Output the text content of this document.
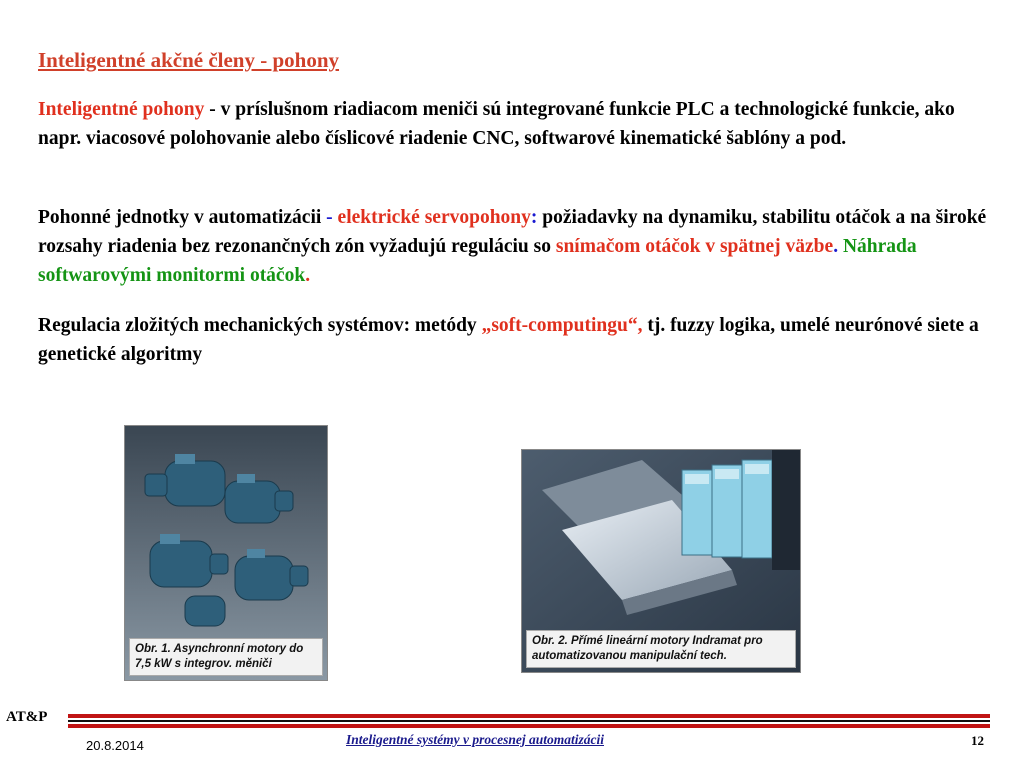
Inteligentné akčné členy - pohony
Inteligentné pohony - v príslušnom riadiacom meniči sú integrované funkcie PLC a technologické funkcie, ako napr. viacosové polohovanie alebo číslicové riadenie CNC, softwarové kinematické šablóny a pod.
Pohonné jednotky v automatizácii - elektrické servopohony: požiadavky na dynamiku, stabilitu otáčok a na široké rozsahy riadenia bez rezonančných zón vyžadujú reguláciu so snímačom otáčok v spätnej väzbe. Náhrada softwarovými monitormi otáčok.
Regulacia zložitých mechanických systémov: metódy „soft-computingu“, tj. fuzzy logika, umelé neurónové siete a genetické algoritmy
Obr. 1. Asynchronní motory do 7,5 kW s integrov. měniči
Obr. 2. Přímé lineární motory Indramat pro automatizovanou manipulační tech.
AT&P
20.8.2014	Inteligentné systémy v procesnej automatizácii	12
